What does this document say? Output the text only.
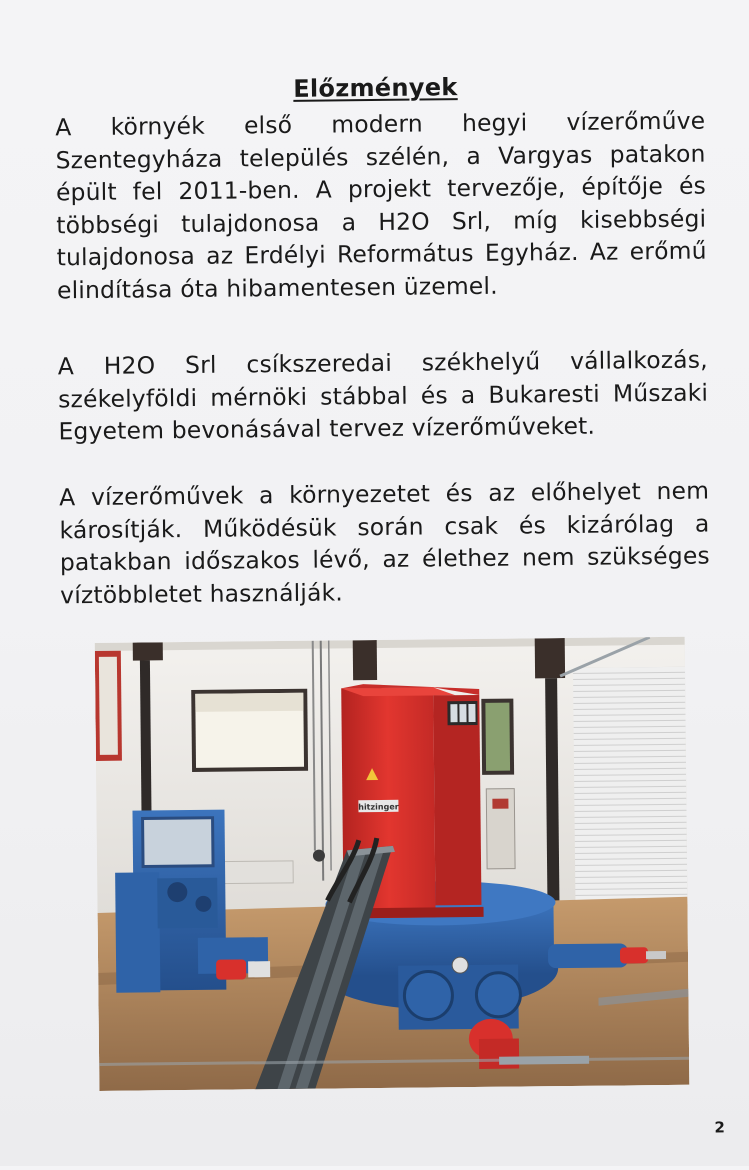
Előzmények
A környék első modern hegyi vízerőműve Szentegyháza település szélén, a Vargyas patakon épült fel 2011-ben. A projekt tervezője, építője és többségi tulajdonosa a H2O Srl, míg kisebbségi tulajdonosa az Erdélyi Református Egyház. Az erőmű elindítása óta hibamentesen üzemel.
A H2O Srl csíkszeredai székhelyű vállalkozás, székelyföldi mérnöki stábbal és a Bukaresti Műszaki Egyetem bevonásával tervez vízerőműveket.
A vízerőművek a környezetet és az előhelyet nem károsítják. Működésük során csak és kizárólag a patakban időszakos lévő, az élethez nem szükséges víztöbbletet használják.
hitzinger
2
